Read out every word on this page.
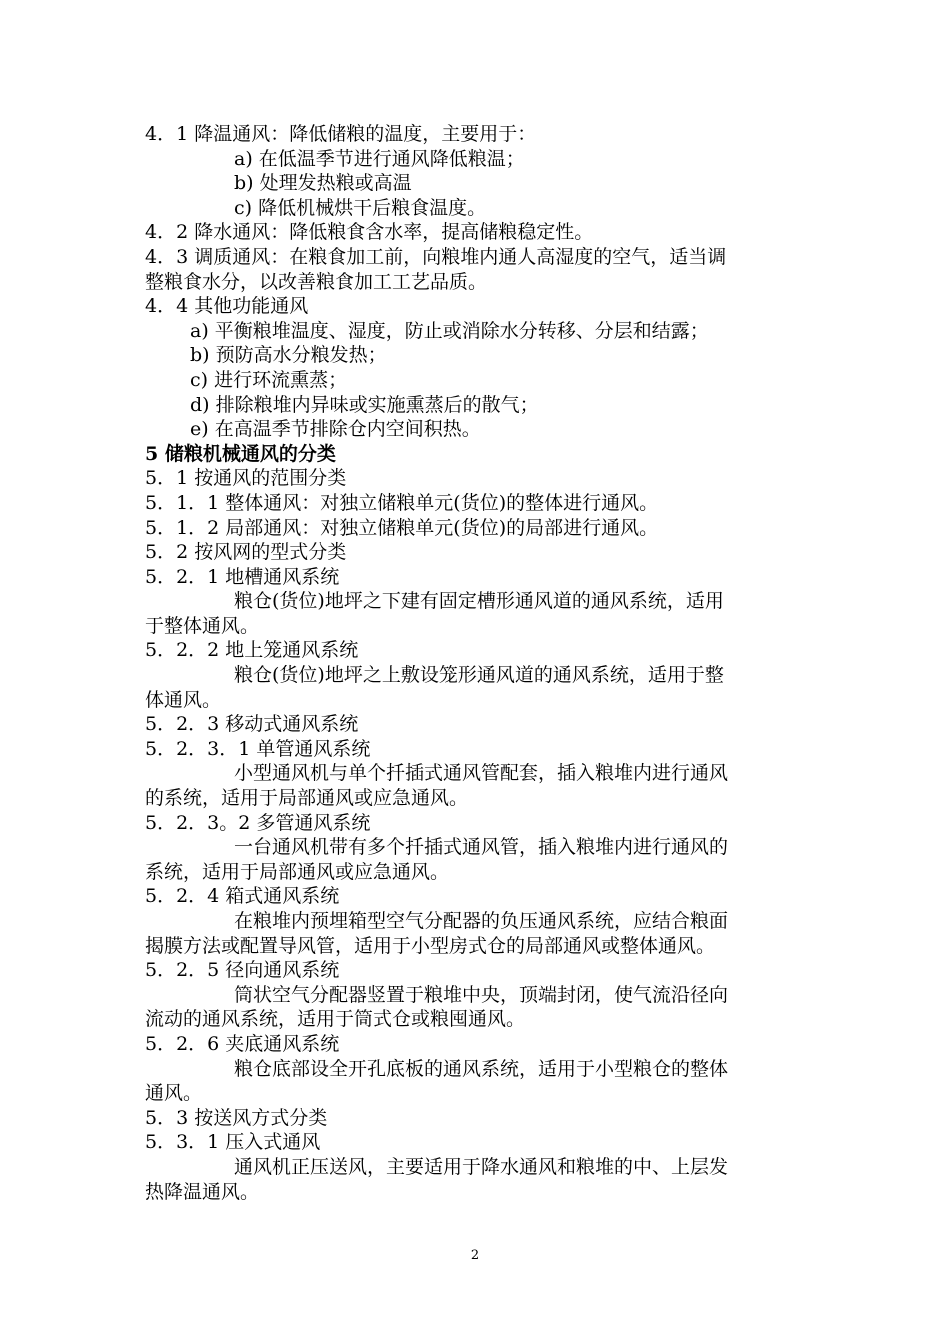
4．1 降温通风：降低储粮的温度，主要用于：
a) 在低温季节进行通风降低粮温；
b) 处理发热粮或高温
c) 降低机械烘干后粮食温度。
4．2 降水通风：降低粮食含水率，提高储粮稳定性。
4．3 调质通风：在粮食加工前，向粮堆内通人高湿度的空气，适当调
整粮食水分，以改善粮食加工工艺品质。
4．4 其他功能通风
a) 平衡粮堆温度、湿度，防止或消除水分转移、分层和结露；
b) 预防高水分粮发热；
c) 进行环流熏蒸；
d) 排除粮堆内异味或实施熏蒸后的散气；
e) 在高温季节排除仓内空间积热。
5 储粮机械通风的分类
5．1 按通风的范围分类
5．1．1 整体通风：对独立储粮单元(货位)的整体进行通风。
5．1．2 局部通风：对独立储粮单元(货位)的局部进行通风。
5．2 按风网的型式分类
5．2．1 地槽通风系统
粮仓(货位)地坪之下建有固定槽形通风道的通风系统，适用
于整体通风。
5．2．2 地上笼通风系统
粮仓(货位)地坪之上敷设笼形通风道的通风系统，适用于整
体通风。
5．2．3 移动式通风系统
5．2．3．1 单管通风系统
小型通风机与单个扦插式通风管配套，插入粮堆内进行通风
的系统，适用于局部通风或应急通风。
5．2．3。2 多管通风系统
一台通风机带有多个扦插式通风管，插入粮堆内进行通风的
系统，适用于局部通风或应急通风。
5．2．4 箱式通风系统
在粮堆内预埋箱型空气分配器的负压通风系统，应结合粮面
揭膜方法或配置导风管，适用于小型房式仓的局部通风或整体通风。
5．2．5 径向通风系统
筒状空气分配器竖置于粮堆中央，顶端封闭，使气流沿径向
流动的通风系统，适用于筒式仓或粮囤通风。
5．2．6 夹底通风系统
粮仓底部设全开孔底板的通风系统，适用于小型粮仓的整体
通风。
5．3 按送风方式分类
5．3．1 压入式通风
通风机正压送风，主要适用于降水通风和粮堆的中、上层发
热降温通风。
2
